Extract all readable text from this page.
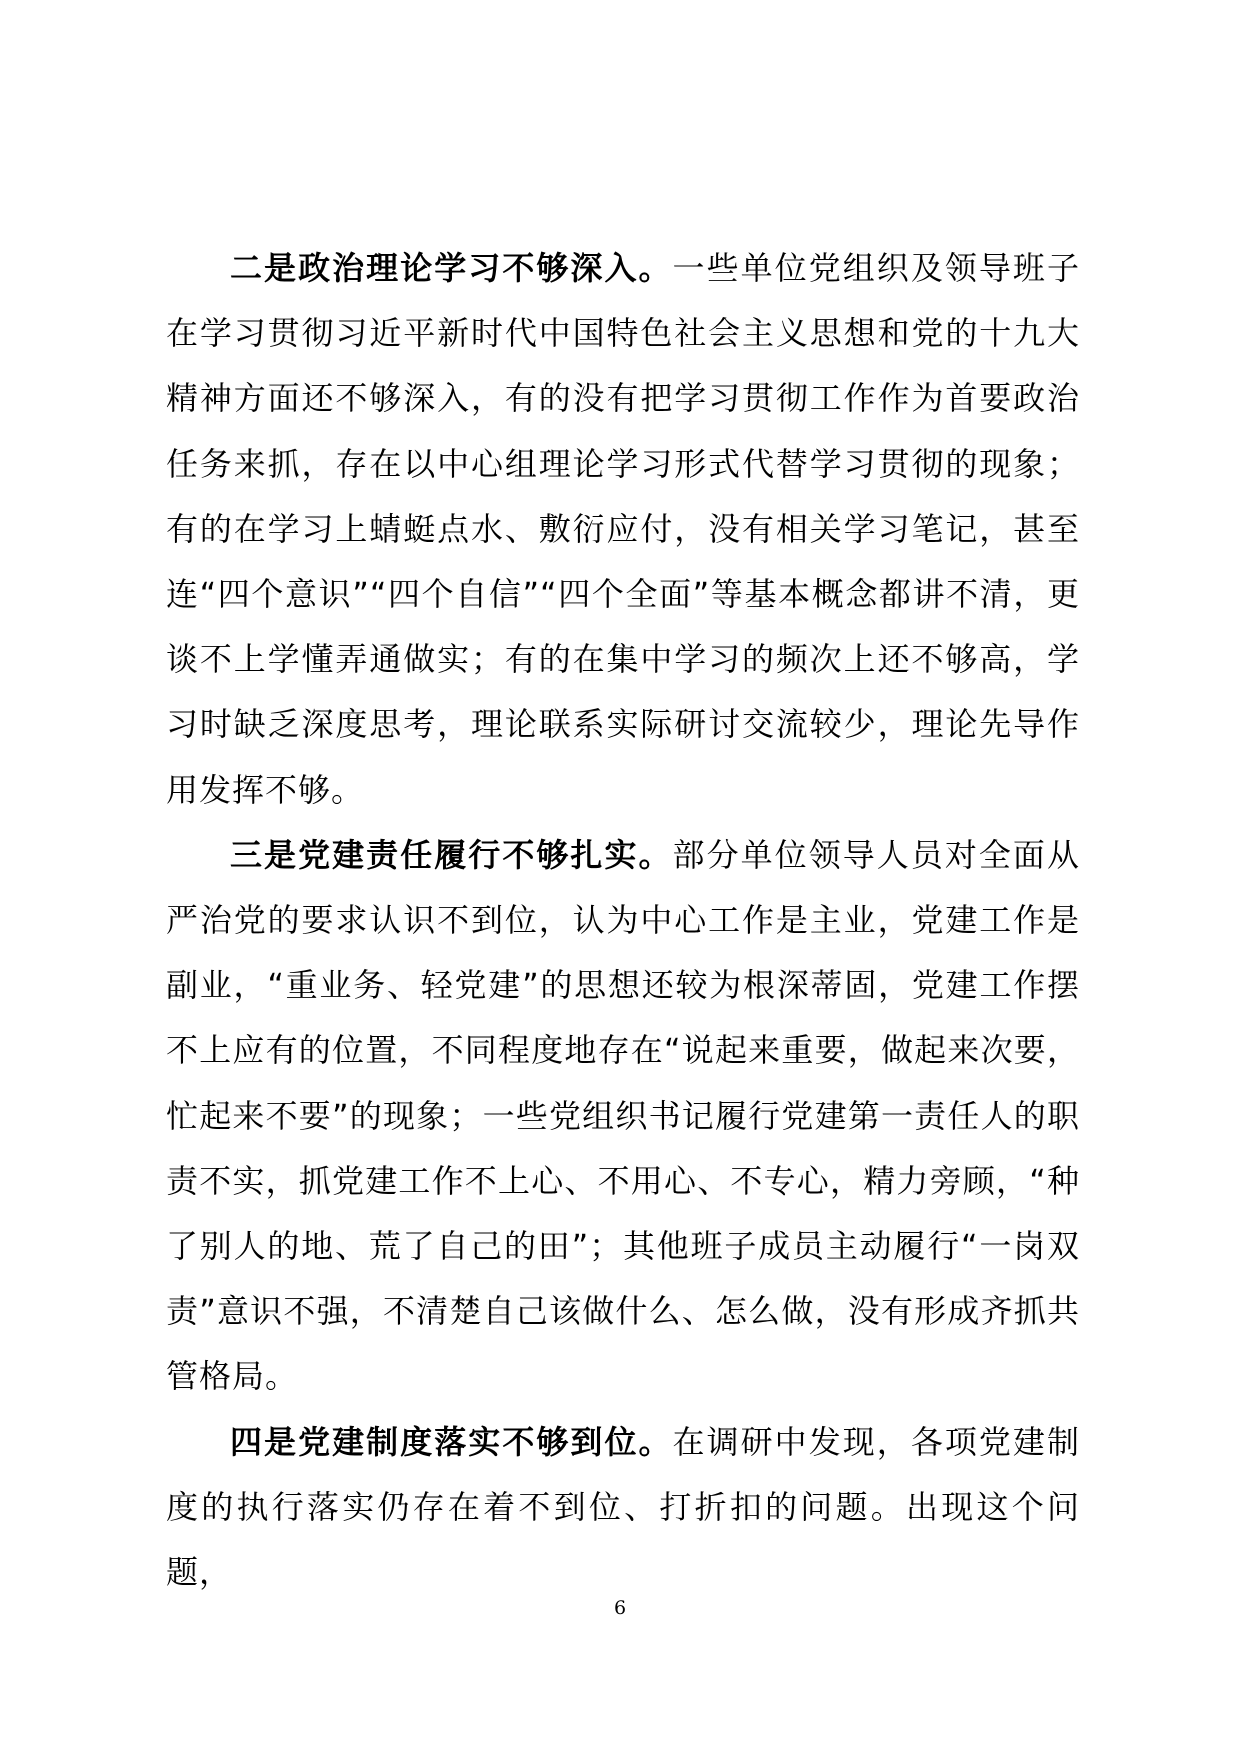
二是政治理论学习不够深入。一些单位党组织及领导班子在学习贯彻习近平新时代中国特色社会主义思想和党的十九大精神方面还不够深入，有的没有把学习贯彻工作作为首要政治任务来抓，存在以中心组理论学习形式代替学习贯彻的现象；有的在学习上蜻蜓点水、敷衍应付，没有相关学习笔记，甚至连“四个意识”“四个自信”“四个全面”等基本概念都讲不清，更谈不上学懂弄通做实；有的在集中学习的频次上还不够高，学习时缺乏深度思考，理论联系实际研讨交流较少，理论先导作用发挥不够。

三是党建责任履行不够扎实。部分单位领导人员对全面从严治党的要求认识不到位，认为中心工作是主业，党建工作是副业，“重业务、轻党建”的思想还较为根深蒂固，党建工作摆不上应有的位置，不同程度地存在“说起来重要，做起来次要，忙起来不要”的现象；一些党组织书记履行党建第一责任人的职责不实，抓党建工作不上心、不用心、不专心，精力旁顾，“种了别人的地、荒了自己的田”；其他班子成员主动履行“一岗双责”意识不强，不清楚自己该做什么、怎么做，没有形成齐抓共管格局。

四是党建制度落实不够到位。在调研中发现，各项党建制度的执行落实仍存在着不到位、打折扣的问题。出现这个问题，

6
